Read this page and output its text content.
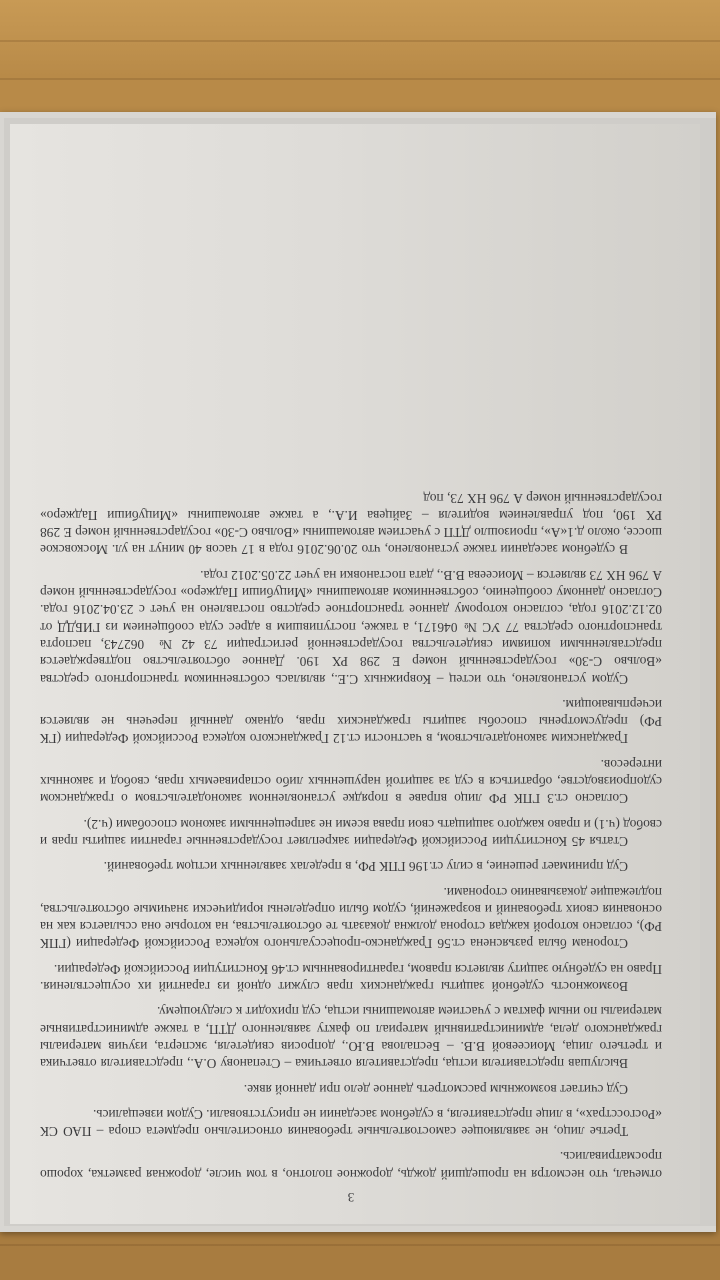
3

отмечал, что несмотря на прошедший дождь, дорожное полотно, в том числе, дорожная разметка, хорошо просматривались.

Третье лицо, не заявляющее самостоятельные требования относительно предмета спора – ПАО СК «Росгосстрах», в лице представителя, в судебном заседании не присутствовали. Судом извещались.

Суд считает возможным рассмотреть данное дело при данной явке.

Выслушав представителя истца, представителя ответчика – Степанову О.А., представителя ответчика и третьего лица, Моисеевой В.В. – Беспалова В.Ю., допросив свидетеля, эксперта, изучив материалы гражданского дела, административный материал по факту заявленного ДТП, а также административные материалы по иным фактам с участием автомашины истца, суд приходит к следующему.

Возможность судебной защиты гражданских прав служит одной из гарантий их осуществления. Право на судебную защиту является правом, гарантированным ст.46 Конституции Российской Федерации.

Сторонам была разъяснена ст.56 Гражданско-процессуального кодекса Российской Федерации (ГПК РФ), согласно которой каждая сторона должна доказать те обстоятельства, на которые она ссылается как на основания своих требований и возражений, судом были определены юридически значимые обстоятельства, подлежащие доказыванию сторонами.

Суд принимает решение, в силу ст.196 ГПК РФ, в пределах заявленных истцом требований.

Статья 45 Конституции Российской Федерации закрепляет государственные гарантии защиты прав и свобод (ч.1) и право каждого защищать свои права всеми не запрещенными законом способами (ч.2).

Согласно ст.3 ГПК РФ лицо вправе в порядке установленном законодательством о гражданском судопроизводстве, обратиться в суд за защитой нарушенных либо оспариваемых прав, свобод и законных интересов.

Гражданским законодательством, в частности ст.12 Гражданского кодекса Российской Федерации (ГК РФ) предусмотрены способы защиты гражданских прав, однако данный перечень не является исчерпывающим.

Судом установлено, что истец – Коврижных С.Е., являлась собственником транспортного средства «Вольво С-30» государственный номер Е 298 РХ 190. Данное обстоятельство подтверждается представленными копиями свидетельства государственной регистрации 73 42 № 062743, паспорта транспортного средства 77 УС № 046171, а также, поступившим в адрес суда сообщением из ГИБДД от 02.12.2016 года, согласно которому данное транспортное средство поставлено на учет с 23.04.2016 года. Согласно данному сообщению, собственником автомашины «Мицубиши Паджеро» государственный номер А 796 НХ 73 является – Моисеева В.В., дата постановки на учет 22.05.2012 года.

В судебном заседании также установлено, что 20.06.2016 года в 17 часов 40 минут на ул. Московское шоссе, около д.1«А», произошло ДТП с участием автомашины «Вольво С-30» государственный номер Е 298 РХ 190, под управлением водителя – Зайцева И.А., а также автомашины «Мицубиши Паджеро» государственный номер А 796 НХ 73, под
